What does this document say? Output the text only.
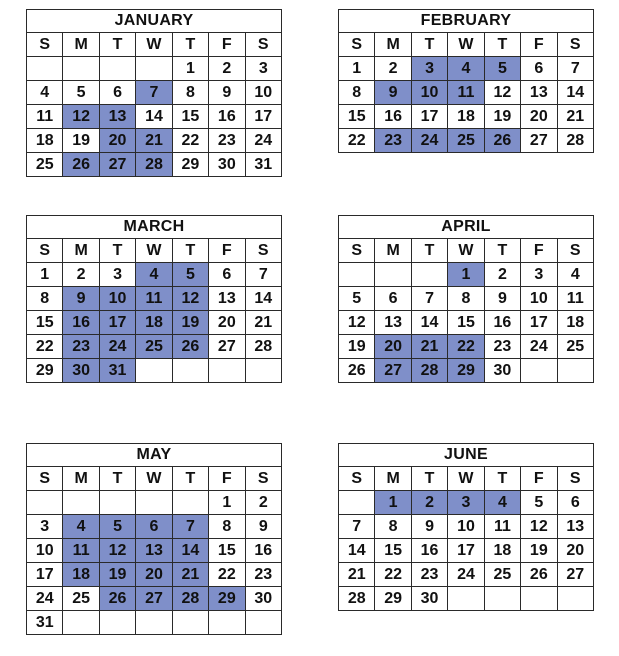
JANUARY						
S	M	T	W	T	F	S
				1	2	3
4	5	6	7	8	9	10
11	12	13	14	15	16	17
18	19	20	21	22	23	24
25	26	27	28	29	30	31
FEBRUARY						
S	M	T	W	T	F	S
1	2	3	4	5	6	7
8	9	10	11	12	13	14
15	16	17	18	19	20	21
22	23	24	25	26	27	28
MARCH						
S	M	T	W	T	F	S
1	2	3	4	5	6	7
8	9	10	11	12	13	14
15	16	17	18	19	20	21
22	23	24	25	26	27	28
29	30	31				
APRIL						
S	M	T	W	T	F	S
			1	2	3	4
5	6	7	8	9	10	11
12	13	14	15	16	17	18
19	20	21	22	23	24	25
26	27	28	29	30		
MAY						
S	M	T	W	T	F	S
					1	2
3	4	5	6	7	8	9
10	11	12	13	14	15	16
17	18	19	20	21	22	23
24	25	26	27	28	29	30
31						
JUNE						
S	M	T	W	T	F	S
	1	2	3	4	5	6
7	8	9	10	11	12	13
14	15	16	17	18	19	20
21	22	23	24	25	26	27
28	29	30				
